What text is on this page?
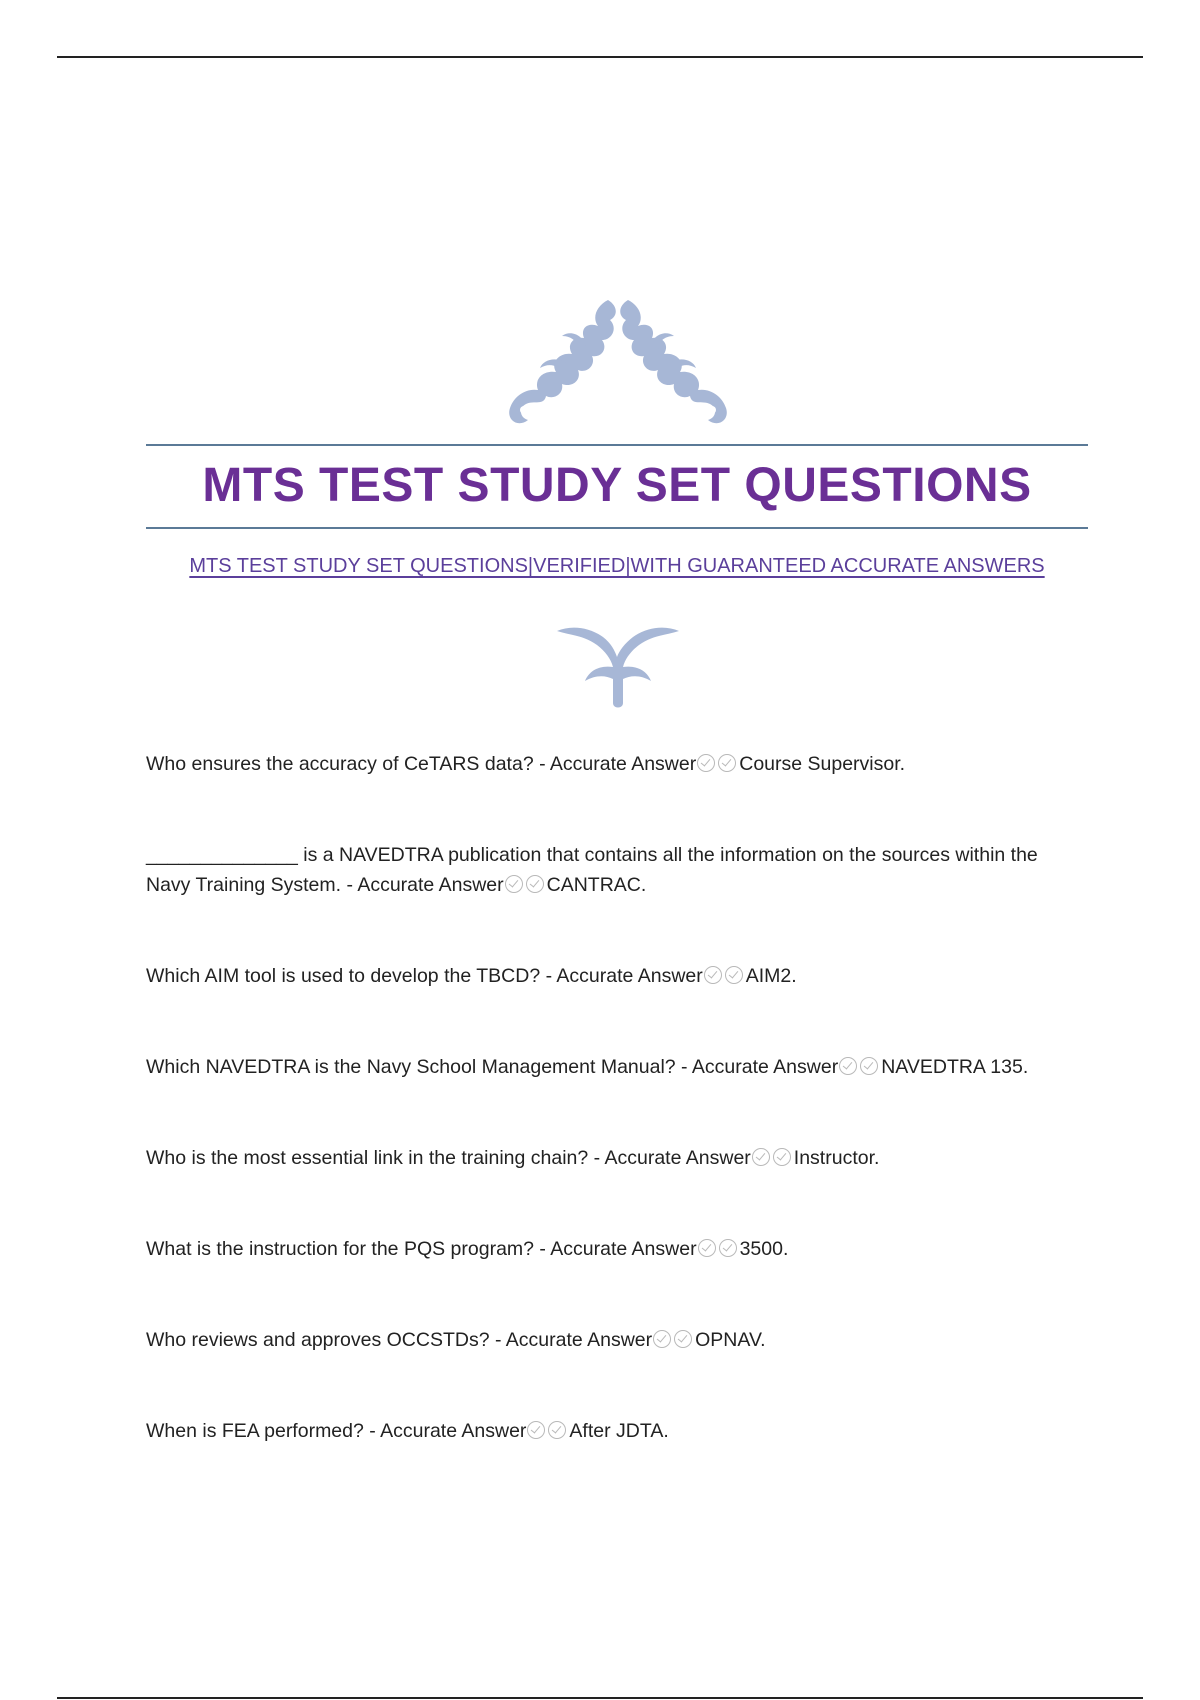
MTS TEST STUDY SET QUESTIONS
MTS TEST STUDY SET QUESTIONS|VERIFIED|WITH GUARANTEED ACCURATE ANSWERS
Who ensures the accuracy of CeTARS data? - Accurate Answer Course Supervisor.
______________ is a NAVEDTRA publication that contains all the information on the sources within the Navy Training System. - Accurate Answer CANTRAC.
Which AIM tool is used to develop the TBCD? - Accurate Answer AIM2.
Which NAVEDTRA is the Navy School Management Manual? - Accurate Answer NAVEDTRA 135.
Who is the most essential link in the training chain? - Accurate Answer Instructor.
What is the instruction for the PQS program? - Accurate Answer 3500.
Who reviews and approves OCCSTDs? - Accurate Answer OPNAV.
When is FEA performed? - Accurate Answer After JDTA.
